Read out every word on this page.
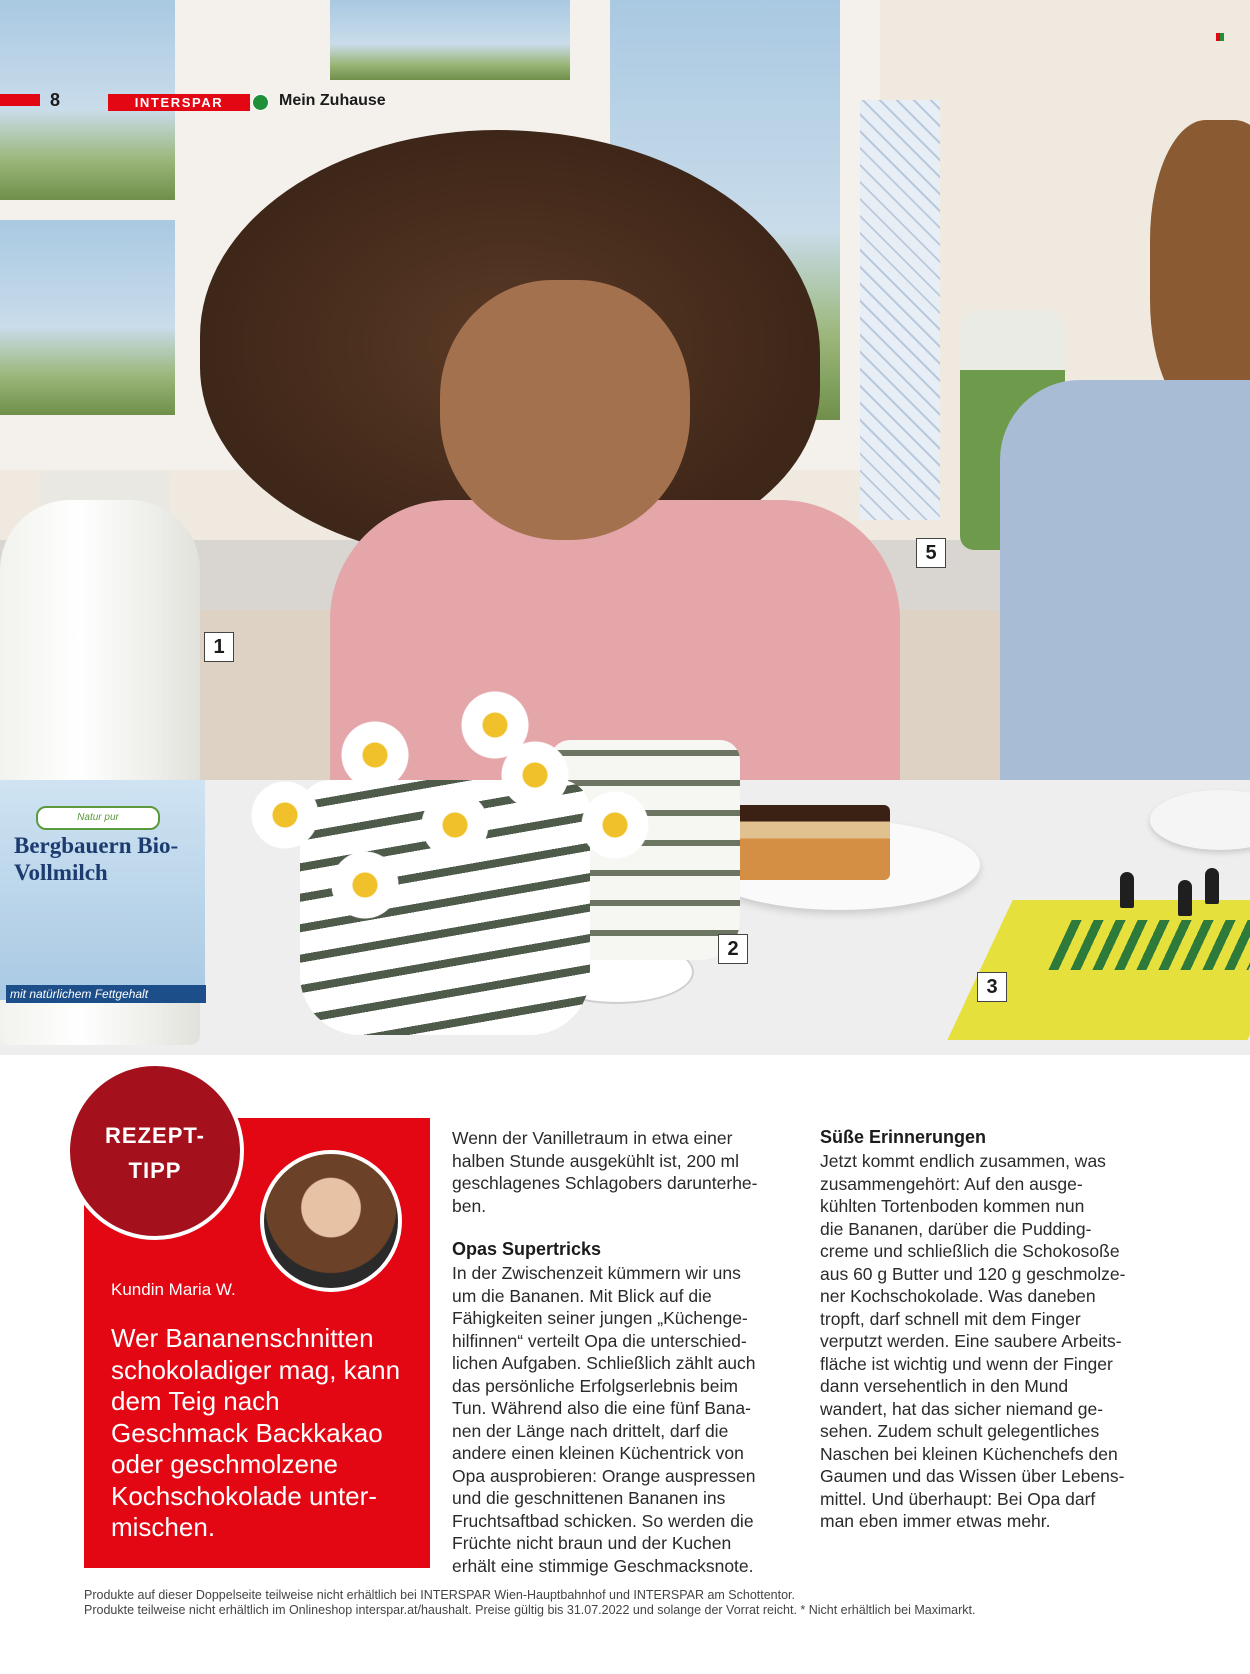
Natur pur
Bergbauern Bio-Vollmilch
mit natürlichem Fettgehalt
1
2
3
5
8	INTERSPAR	Mein Zuhause
REZEPT-
TIPP
Kundin Maria W.
Wer Bananenschnitten schokoladiger mag, kann dem Teig nach Geschmack Backkakao oder geschmolzene Kochschokolade unter-mischen.
Wenn der Vanilletraum in etwa einer
halben Stunde ausgekühlt ist, 200 ml
geschlagenes Schlagobers darunterhe-
ben.
Opas Supertricks
In der Zwischenzeit kümmern wir uns
um die Bananen. Mit Blick auf die
Fähigkeiten seiner jungen „Küchenge-
hilfinnen“ verteilt Opa die unterschied-
lichen Aufgaben. Schließlich zählt auch
das persönliche Erfolgserlebnis beim
Tun. Während also die eine fünf Bana-
nen der Länge nach drittelt, darf die
andere einen kleinen Küchentrick von
Opa ausprobieren: Orange auspressen
und die geschnittenen Bananen ins
Fruchtsaftbad schicken. So werden die
Früchte nicht braun und der Kuchen
erhält eine stimmige Geschmacksnote.
Süße Erinnerungen
Jetzt kommt endlich zusammen, was
zusammengehört: Auf den ausge-
kühlten Tortenboden kommen nun
die Bananen, darüber die Pudding-
creme und schließlich die Schokosoße
aus 60 g Butter und 120 g geschmolze-
ner Kochschokolade. Was daneben
tropft, darf schnell mit dem Finger
verputzt werden. Eine saubere Arbeits-
fläche ist wichtig und wenn der Finger
dann versehentlich in den Mund
wandert, hat das sicher niemand ge-
sehen. Zudem schult gelegentliches
Naschen bei kleinen Küchenchefs den
Gaumen und das Wissen über Lebens-
mittel. Und überhaupt: Bei Opa darf
man eben immer etwas mehr.
Produkte auf dieser Doppelseite teilweise nicht erhältlich bei INTERSPAR Wien-Hauptbahnhof und INTERSPAR am Schottentor.
Produkte teilweise nicht erhältlich im Onlineshop interspar.at/haushalt. Preise gültig bis 31.07.2022 und solange der Vorrat reicht. * Nicht erhältlich bei Maximarkt.
